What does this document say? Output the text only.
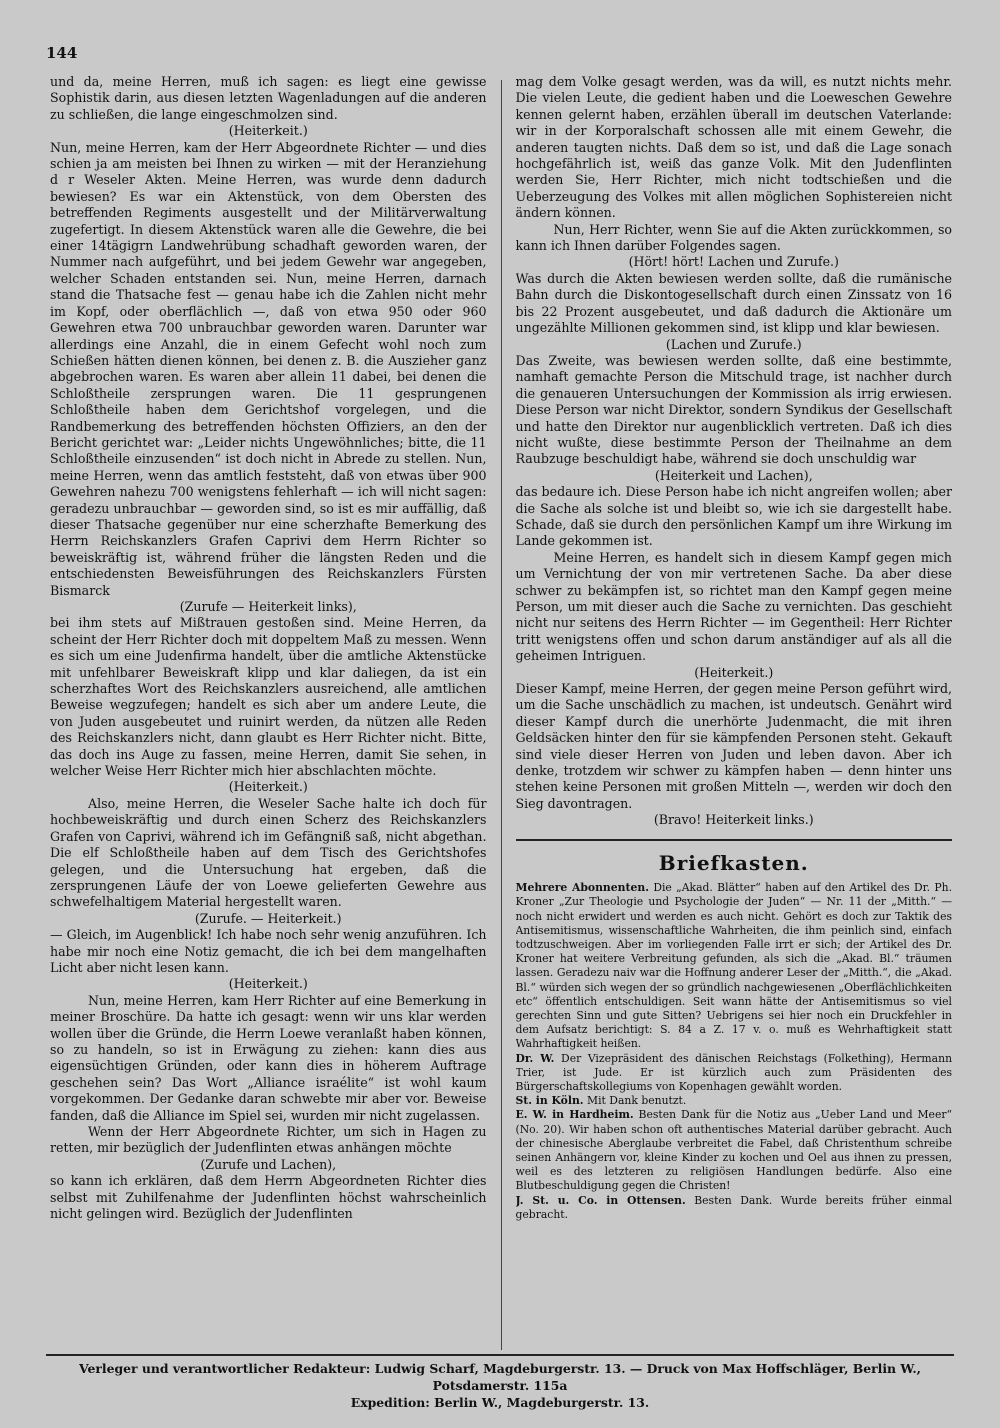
144

und da, meine Herren, muß ich sagen: es liegt eine gewisse Sophistik darin, aus diesen letzten Wagenladungen auf die anderen zu schließen, die lange eingeschmolzen sind.

(Heiterkeit.)

Nun, meine Herren, kam der Herr Abgeordnete Richter — und dies schien ja am meisten bei Ihnen zu wirken — mit der Heranziehung d r Weseler Akten. Meine Herren, was wurde denn dadurch bewiesen? Es war ein Aktenstück, von dem Obersten des betreffenden Regiments ausgestellt und der Militärverwaltung zugefertigt. In diesem Aktenstück waren alle die Gewehre, die bei einer 14tägigrn Landwehrübung schadhaft geworden waren, der Nummer nach aufgeführt, und bei jedem Gewehr war angegeben, welcher Schaden entstanden sei. Nun, meine Herren, darnach stand die Thatsache fest — genau habe ich die Zahlen nicht mehr im Kopf, oder oberflächlich —, daß von etwa 950 oder 960 Gewehren etwa 700 unbrauchbar geworden waren. Darunter war allerdings eine Anzahl, die in einem Gefecht wohl noch zum Schießen hätten dienen können, bei denen z. B. die Auszieher ganz abgebrochen waren. Es waren aber allein 11 dabei, bei denen die Schloßtheile zersprungen waren. Die 11 gesprungenen Schloßtheile haben dem Gerichtshof vorgelegen, und die Randbemerkung des betreffenden höchsten Offiziers, an den der Bericht gerichtet war: „Leider nichts Ungewöhnliches; bitte, die 11 Schloßtheile einzusenden“ ist doch nicht in Abrede zu stellen. Nun, meine Herren, wenn das amtlich feststeht, daß von etwas über 900 Gewehren nahezu 700 wenigstens fehlerhaft — ich will nicht sagen: geradezu unbrauchbar — geworden sind, so ist es mir auffällig, daß dieser Thatsache gegenüber nur eine scherzhafte Bemerkung des Herrn Reichskanzlers Grafen Caprivi dem Herrn Richter so beweiskräftig ist, während früher die längsten Reden und die entschiedensten Beweisführungen des Reichskanzlers Fürsten Bismarck

(Zurufe — Heiterkeit links),

bei ihm stets auf Mißtrauen gestoßen sind. Meine Herren, da scheint der Herr Richter doch mit doppeltem Maß zu messen. Wenn es sich um eine Judenfirma handelt, über die amtliche Aktenstücke mit unfehlbarer Beweiskraft klipp und klar daliegen, da ist ein scherzhaftes Wort des Reichskanzlers ausreichend, alle amtlichen Beweise wegzufegen; handelt es sich aber um andere Leute, die von Juden ausgebeutet und ruinirt werden, da nützen alle Reden des Reichskanzlers nicht, dann glaubt es Herr Richter nicht. Bitte, das doch ins Auge zu fassen, meine Herren, damit Sie sehen, in welcher Weise Herr Richter mich hier abschlachten möchte.

(Heiterkeit.)

Also, meine Herren, die Weseler Sache halte ich doch für hochbeweiskräftig und durch einen Scherz des Reichskanzlers Grafen von Caprivi, während ich im Gefängniß saß, nicht abgethan. Die elf Schloßtheile haben auf dem Tisch des Gerichtshofes gelegen, und die Untersuchung hat ergeben, daß die zersprungenen Läufe der von Loewe gelieferten Gewehre aus schwefelhaltigem Material hergestellt waren.

(Zurufe. — Heiterkeit.)

— Gleich, im Augenblick! Ich habe noch sehr wenig anzuführen. Ich habe mir noch eine Notiz gemacht, die ich bei dem mangelhaften Licht aber nicht lesen kann.

(Heiterkeit.)

Nun, meine Herren, kam Herr Richter auf eine Bemerkung in meiner Broschüre. Da hatte ich gesagt: wenn wir uns klar werden wollen über die Gründe, die Herrn Loewe veranlaßt haben können, so zu handeln, so ist in Erwägung zu ziehen: kann dies aus eigensüchtigen Gründen, oder kann dies in höherem Auftrage geschehen sein? Das Wort „Alliance israélite“ ist wohl kaum vorgekommen. Der Gedanke daran schwebte mir aber vor. Beweise fanden, daß die Alliance im Spiel sei, wurden mir nicht zugelassen.

Wenn der Herr Abgeordnete Richter, um sich in Hagen zu retten, mir bezüglich der Judenflinten etwas anhängen möchte

(Zurufe und Lachen),

so kann ich erklären, daß dem Herrn Abgeordneten Richter dies selbst mit Zuhilfenahme der Judenflinten höchst wahrscheinlich nicht gelingen wird. Bezüglich der Judenflinten

mag dem Volke gesagt werden, was da will, es nutzt nichts mehr. Die vielen Leute, die gedient haben und die Loeweschen Gewehre kennen gelernt haben, erzählen überall im deutschen Vaterlande: wir in der Korporalschaft schossen alle mit einem Gewehr, die anderen taugten nichts. Daß dem so ist, und daß die Lage sonach hochgefährlich ist, weiß das ganze Volk. Mit den Judenflinten werden Sie, Herr Richter, mich nicht todtschießen und die Ueberzeugung des Volkes mit allen möglichen Sophistereien nicht ändern können.

Nun, Herr Richter, wenn Sie auf die Akten zurückkommen, so kann ich Ihnen darüber Folgendes sagen.

(Hört! hört! Lachen und Zurufe.)

Was durch die Akten bewiesen werden sollte, daß die rumänische Bahn durch die Diskontogesellschaft durch einen Zinssatz von 16 bis 22 Prozent ausgebeutet, und daß dadurch die Aktionäre um ungezählte Millionen gekommen sind, ist klipp und klar bewiesen.

(Lachen und Zurufe.)

Das Zweite, was bewiesen werden sollte, daß eine bestimmte, namhaft gemachte Person die Mitschuld trage, ist nachher durch die genaueren Untersuchungen der Kommission als irrig erwiesen. Diese Person war nicht Direktor, sondern Syndikus der Gesellschaft und hatte den Direktor nur augenblicklich vertreten. Daß ich dies nicht wußte, diese bestimmte Person der Theilnahme an dem Raubzuge beschuldigt habe, während sie doch unschuldig war

(Heiterkeit und Lachen),

das bedaure ich. Diese Person habe ich nicht angreifen wollen; aber die Sache als solche ist und bleibt so, wie ich sie dargestellt habe. Schade, daß sie durch den persönlichen Kampf um ihre Wirkung im Lande gekommen ist.

Meine Herren, es handelt sich in diesem Kampf gegen mich um Vernichtung der von mir vertretenen Sache. Da aber diese schwer zu bekämpfen ist, so richtet man den Kampf gegen meine Person, um mit dieser auch die Sache zu vernichten. Das geschieht nicht nur seitens des Herrn Richter — im Gegentheil: Herr Richter tritt wenigstens offen und schon darum anständiger auf als all die geheimen Intriguen.

(Heiterkeit.)

Dieser Kampf, meine Herren, der gegen meine Person geführt wird, um die Sache unschädlich zu machen, ist undeutsch. Genährt wird dieser Kampf durch die unerhörte Judenmacht, die mit ihren Geldsäcken hinter den für sie kämpfenden Personen steht. Gekauft sind viele dieser Herren von Juden und leben davon. Aber ich denke, trotzdem wir schwer zu kämpfen haben — denn hinter uns stehen keine Personen mit großen Mitteln —, werden wir doch den Sieg davontragen.

(Bravo! Heiterkeit links.)

Briefkasten.

Mehrere Abonnenten. Die „Akad. Blätter“ haben auf den Artikel des Dr. Ph. Kroner „Zur Theologie und Psychologie der Juden“ — Nr. 11 der „Mitth.“ — noch nicht erwidert und werden es auch nicht. Gehört es doch zur Taktik des Antisemitismus, wissenschaftliche Wahrheiten, die ihm peinlich sind, einfach todtzuschweigen. Aber im vorliegenden Falle irrt er sich; der Artikel des Dr. Kroner hat weitere Verbreitung gefunden, als sich die „Akad. Bl.“ träumen lassen. Geradezu naiv war die Hoffnung anderer Leser der „Mitth.“, die „Akad. Bl.“ würden sich wegen der so gründlich nachgewiesenen „Oberflächlichkeiten etc“ öffentlich entschuldigen. Seit wann hätte der Antisemitismus so viel gerechten Sinn und gute Sitten? Uebrigens sei hier noch ein Druckfehler in dem Aufsatz berichtigt: S. 84 a Z. 17 v. o. muß es Wehrhaftigkeit statt Wahrhaftigkeit heißen.

Dr. W. Der Vizepräsident des dänischen Reichstags (Folkething), Hermann Trier, ist Jude. Er ist kürzlich auch zum Präsidenten des Bürgerschaftskollegiums von Kopenhagen gewählt worden.

St. in Köln. Mit Dank benutzt.

E. W. in Hardheim. Besten Dank für die Notiz aus „Ueber Land und Meer“ (No. 20). Wir haben schon oft authentisches Material darüber gebracht. Auch der chinesische Aberglaube verbreitet die Fabel, daß Christenthum schreibe seinen Anhängern vor, kleine Kinder zu kochen und Oel aus ihnen zu pressen, weil es des letzteren zu religiösen Handlungen bedürfe. Also eine Blutbeschuldigung gegen die Christen!

J. St. u. Co. in Ottensen. Besten Dank. Wurde bereits früher einmal gebracht.

Verleger und verantwortlicher Redakteur: Ludwig Scharf, Magdeburgerstr. 13. — Druck von Max Hoffschläger, Berlin W., Potsdamerstr. 115a
Expedition: Berlin W., Magdeburgerstr. 13.
